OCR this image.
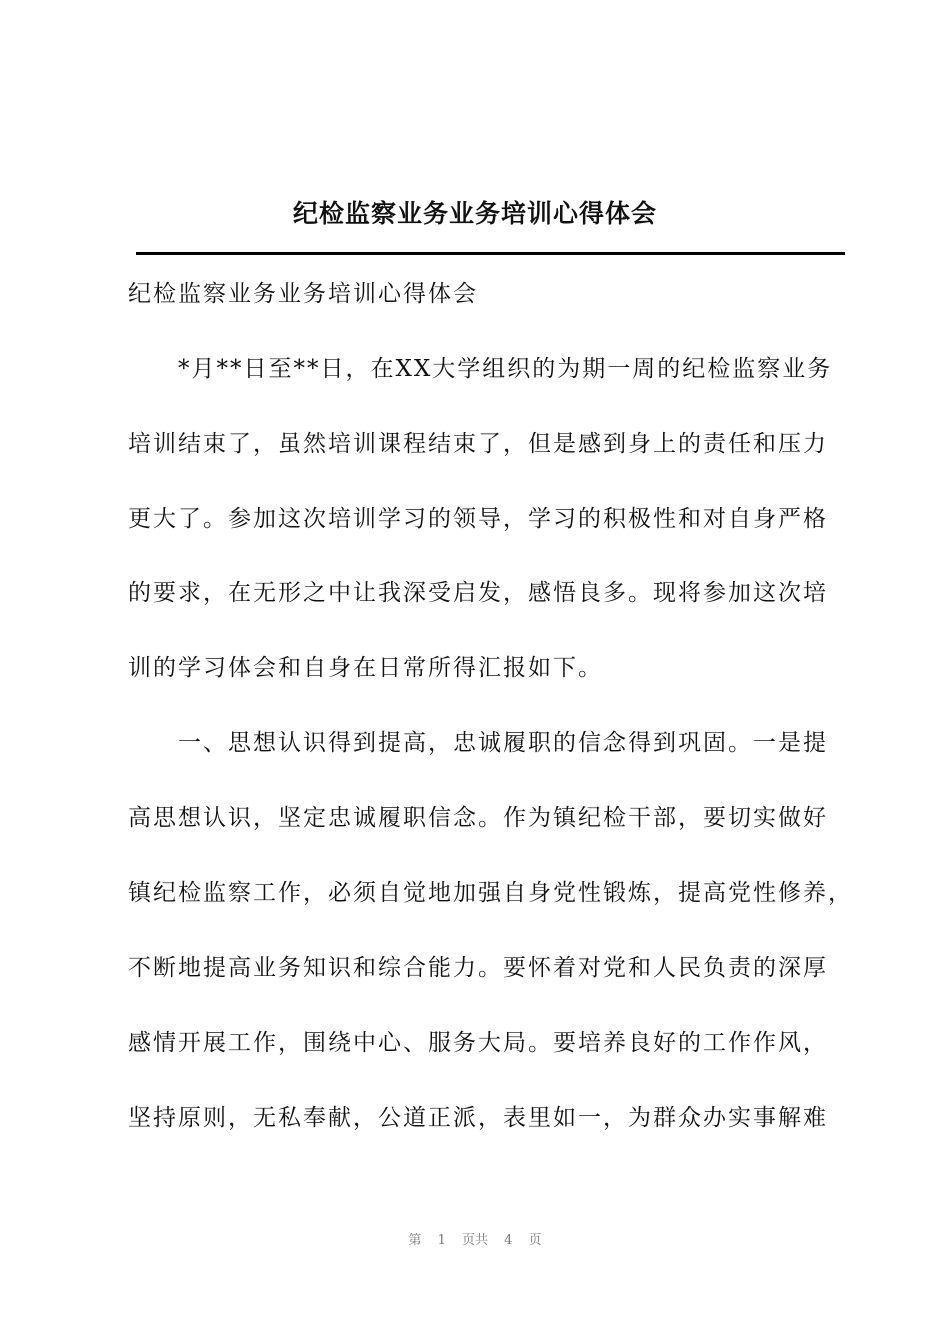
纪检监察业务业务培训心得体会
纪检监察业务业务培训心得体会
*月**日至**日，在XX大学组织的为期一周的纪检监察业务
培训结束了，虽然培训课程结束了，但是感到身上的责任和压力
更大了。参加这次培训学习的领导，学习的积极性和对自身严格
的要求，在无形之中让我深受启发，感悟良多。现将参加这次培
训的学习体会和自身在日常所得汇报如下。
一、思想认识得到提高，忠诚履职的信念得到巩固。一是提
高思想认识，坚定忠诚履职信念。作为镇纪检干部，要切实做好
镇纪检监察工作，必须自觉地加强自身党性锻炼，提高党性修养，
不断地提高业务知识和综合能力。要怀着对党和人民负责的深厚
感情开展工作，围绕中心、服务大局。要培养良好的工作作风，
坚持原则，无私奉献，公道正派，表里如一，为群众办实事解难
第 1 页共 4 页
